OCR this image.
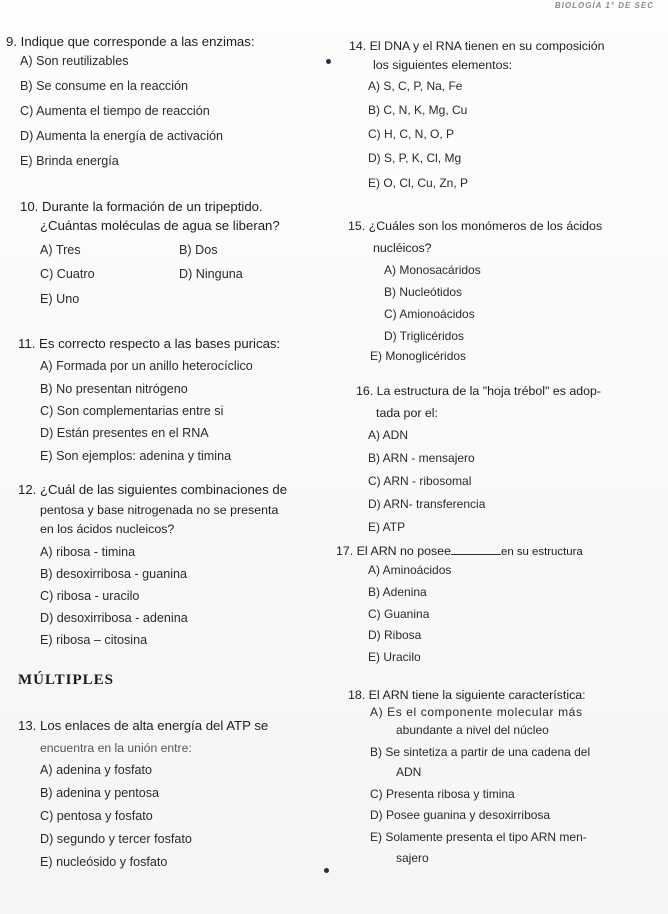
BIOLOGÍA 1° DE SEC
9. Indique que corresponde a las enzimas:
A) Son reutilizables
B) Se consume en la reacción
C) Aumenta el tiempo de reacción
D) Aumenta la energía de activación
E) Brinda energía
10. Durante la formación de un tripeptido.
¿Cuántas moléculas de agua se liberan?
A) Tres	B) Dos
C) Cuatro	D) Ninguna
E) Uno
11. Es correcto respecto a las bases puricas:
A) Formada por un anillo heterocíclico
B) No presentan nitrógeno
C) Son complementarias entre si
D) Están presentes en el RNA
E) Son ejemplos: adenina y timina
12. ¿Cuál de las siguientes combinaciones de
pentosa y base nitrogenada no se presenta
en los ácidos nucleicos?
A) ribosa - timina
B) desoxirribosa - guanina
C) ribosa - uracilo
D) desoxirribosa - adenina
E) ribosa – citosina
MÚLTIPLES
13. Los enlaces de alta energía del ATP se
encuentra en la unión entre:
A) adenina y fosfato
B) adenina y pentosa
C) pentosa y fosfato
D) segundo y tercer fosfato
E) nucleósido y fosfato
14. El DNA y el RNA tienen en su composición
los siguientes elementos:
A) S, C, P, Na, Fe
B) C, N, K, Mg, Cu
C) H, C, N, O, P
D) S, P, K, Cl, Mg
E) O, Cl, Cu, Zn, P
15. ¿Cuáles son los monómeros de los ácidos
nucléicos?
A) Monosacáridos
B) Nucleótidos
C) Amionoácidos
D) Triglicéridos
E) Monoglicéridos
16. La estructura de la "hoja trébol" es adop-
tada por el:
A) ADN
B) ARN - mensajero
C) ARN - ribosomal
D) ARN- transferencia
E) ATP
17. El ARN no posee	en su estructura
A) Aminoácidos
B) Adenina
C) Guanina
D) Ribosa
E) Uracilo
18. El ARN tiene la siguiente característica:
A) Es el componente molecular más
abundante a nivel del núcleo
B) Se sintetiza a partir de una cadena del
ADN
C) Presenta ribosa y timina
D) Posee guanina y desoxirribosa
E) Solamente presenta el tipo ARN men-
sajero
